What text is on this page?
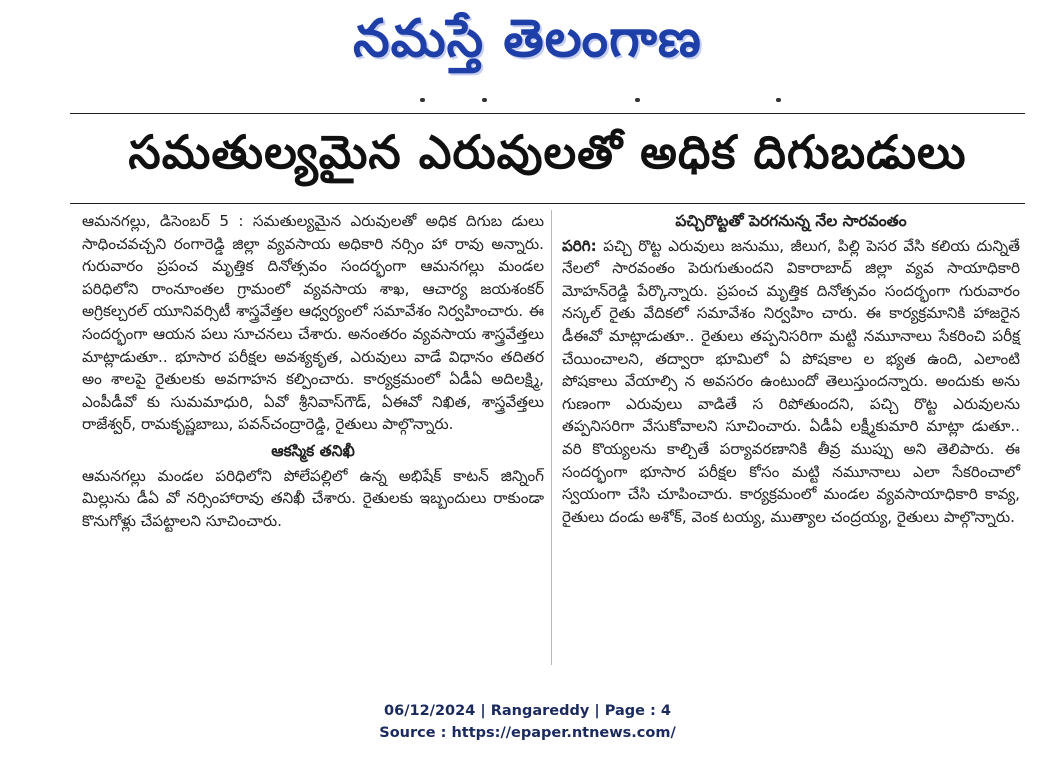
నమస్తే తెలంగాణ
సమతుల్యమైన ఎరువులతో అధిక దిగుబడులు

ఆమనగల్లు, డిసెంబర్ 5 : సమతుల్యమైన ఎరువులతో అధిక దిగుబ డులు సాధించవచ్చని రంగారెడ్డి జిల్లా వ్యవసాయ అధికారి నర్సిం హా రావు అన్నారు. గురువారం ప్రపంచ మృత్తిక దినోత్సవం సందర్భంగా ఆమనగల్లు మండల పరిధిలోని రాంనూంతల గ్రామంలో వ్యవసాయ శాఖ, ఆచార్య జయశంకర్ అగ్రికల్చరల్ యూనివర్సిటీ శాస్త్రవేత్తల ఆధ్వర్యంలో సమావేశం నిర్వహించారు. ఈ సందర్భంగా ఆయన పలు సూచనలు చేశారు. అనంతరం వ్యవసాయ శాస్త్రవేత్తలు మాట్లాడుతూ.. భూసార పరీక్షల అవశ్యకృత, ఎరువులు వాడే విధానం తదితర అం శాలపై రైతులకు అవగాహన కల్పించారు. కార్యక్రమంలో ఏడీఏ అదిలక్ష్మి, ఎంపీడీవో కు సుమమాధురి, ఏవో శ్రీనివాస్‌గౌడ్, ఏఈవో నిఖిత, శాస్త్రవేత్తలు రాజేశ్వర్, రామకృష్ణబాబు, పవన్‌చంద్రారెడ్డి, రైతులు పాల్గొన్నారు.

ఆకస్మిక తనిఖీ

ఆమనగల్లు మండల పరిధిలోని పోలేపల్లిలో ఉన్న అభిషేక్ కాటన్ జిన్నింగ్ మిల్లును డీఏ వో నర్సింహారావు తనిఖీ చేశారు. రైతులకు ఇబ్బందులు రాకుండా కొనుగోళ్లు చేపట్టాలని సూచించారు.

పచ్చిరొట్టతో పెరగనున్న నేల సారవంతం

పరిగి: పచ్చి రొట్ట ఎరువులు జనుము, జీలుగ, పిల్లి పెసర వేసి కలియ దున్నితే నేలలో సారవంతం పెరుగుతుందని వికారాబాద్ జిల్లా వ్యవ సాయాధికారి మోహన్‌రెడ్డి పేర్కొన్నారు. ప్రపంచ మృత్తిక దినోత్సవం సందర్భంగా గురువారం నస్కల్ రైతు వేదికలో సమావేశం నిర్వహిం చారు. ఈ కార్యక్రమానికి హాజరైన డీఈవో మాట్లాడుతూ.. రైతులు తప్పనిసరిగా మట్టి నమూనాలు సేకరించి పరీక్ష చేయించాలని, తద్వారా భూమిలో ఏ పోషకాల ల భ్యత ఉంది, ఎలాంటి పోషకాలు వేయాల్సి న అవసరం ఉంటుందో తెలుస్తుందన్నారు. అందుకు అను గుణంగా ఎరువులు వాడితే స రిపోతుందని, పచ్చి రొట్ట ఎరువులను తప్పనిసరిగా వేసుకోవాలని సూచించారు. ఏడీఏ లక్ష్మీకుమారి మాట్లా డుతూ.. వరి కొయ్యలను కాల్చితే పర్యావరణానికి తీవ్ర ముప్పు అని తెలిపారు. ఈ సందర్భంగా భూసార పరీక్షల కోసం మట్టి నమూనాలు ఎలా సేకరించాలో స్వయంగా చేసి చూపించారు. కార్యక్రమంలో మండల వ్యవసాయాధికారి కావ్య, రైతులు దండు అశోక్, వెంక టయ్య, ముత్యాల చంద్రయ్య, రైతులు పాల్గొన్నారు.

06/12/2024 | Rangareddy | Page : 4
Source : https://epaper.ntnews.com/
